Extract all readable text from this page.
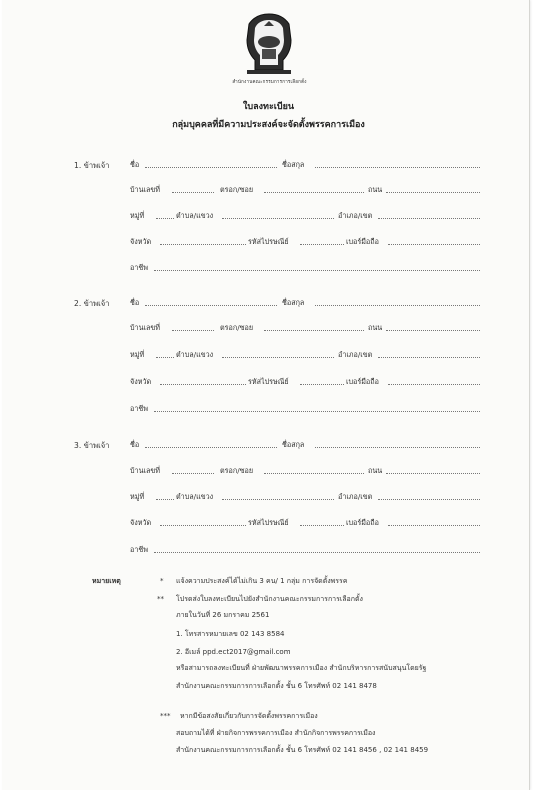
สำนักงานคณะกรรมการการเลือกตั้ง
ใบลงทะเบียน
กลุ่มบุคคลที่มีความประสงค์จะจัดตั้งพรรคการเมือง
1. ข้าพเจ้า	ชื่อ	ชื่อสกุล
บ้านเลขที่	ตรอก/ซอย	ถนน
หมู่ที่	ตำบล/แขวง	อำเภอ/เขต
จังหวัด	รหัสไปรษณีย์	เบอร์มือถือ
อาชีพ
2. ข้าพเจ้า	ชื่อ	ชื่อสกุล
บ้านเลขที่	ตรอก/ซอย	ถนน
หมู่ที่	ตำบล/แขวง	อำเภอ/เขต
จังหวัด	รหัสไปรษณีย์	เบอร์มือถือ
อาชีพ
3. ข้าพเจ้า	ชื่อ	ชื่อสกุล
บ้านเลขที่	ตรอก/ซอย	ถนน
หมู่ที่	ตำบล/แขวง	อำเภอ/เขต
จังหวัด	รหัสไปรษณีย์	เบอร์มือถือ
อาชีพ
หมายเหตุ	* แจ้งความประสงค์ได้ไม่เกิน 3 คน/ 1 กลุ่ม การจัดตั้งพรรค
** โปรดส่งใบลงทะเบียนไปยังสำนักงานคณะกรรมการการเลือกตั้ง
ภายในวันที่ 26 มกราคม 2561
1. โทรสารหมายเลข 02 143 8584
2. อีเมล์ ppd.ect2017@gmail.com
หรือสามารถลงทะเบียนที่ ฝ่ายพัฒนาพรรคการเมือง สำนักบริหารการสนับสนุนโดยรัฐ
สำนักงานคณะกรรมการการเลือกตั้ง ชั้น 6 โทรศัพท์ 02 141 8478
*** หากมีข้อสงสัยเกี่ยวกับการจัดตั้งพรรคการเมือง
สอบถามได้ที่ ฝ่ายกิจการพรรคการเมือง สำนักกิจการพรรคการเมือง
สำนักงานคณะกรรมการการเลือกตั้ง ชั้น 6 โทรศัพท์ 02 141 8456 , 02 141 8459
